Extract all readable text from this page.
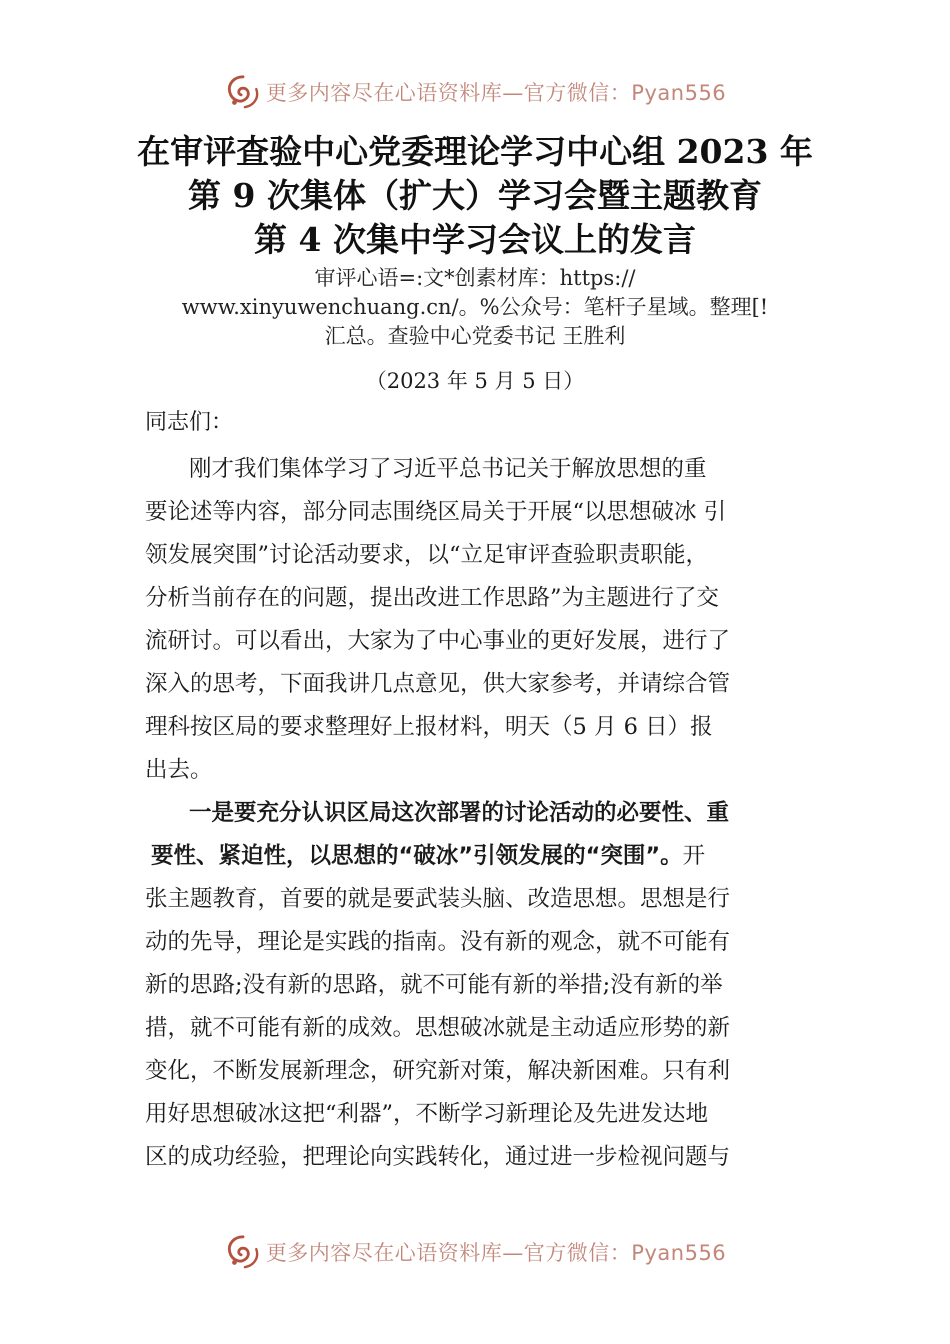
更多内容尽在心语资料库—官方微信：Pyan556
在审评查验中心党委理论学习中心组 2023 年
第 9 次集体（扩大）学习会暨主题教育
第 4 次集中学习会议上的发言
审评心语=:文*创素材库：https://
www.xinyuwenchuang.cn/。%公众号：笔杆子星域。整理[!
汇总。查验中心党委书记 王胜利
（2023 年 5 月 5 日）
同志们：
刚才我们集体学习了习近平总书记关于解放思想的重
要论述等内容，部分同志围绕区局关于开展“以思想破冰 引
领发展突围”讨论活动要求，以“立足审评查验职责职能，
分析当前存在的问题，提出改进工作思路”为主题进行了交
流研讨。可以看出，大家为了中心事业的更好发展，进行了
深入的思考，下面我讲几点意见，供大家参考，并请综合管
理科按区局的要求整理好上报材料，明天（5 月 6 日）报
出去。
一是要充分认识区局这次部署的讨论活动的必要性、重
要性、紧迫性，以思想的“破冰”引领发展的“突围”。开
张主题教育，首要的就是要武装头脑、改造思想。思想是行
动的先导，理论是实践的指南。没有新的观念，就不可能有
新的思路;没有新的思路，就不可能有新的举措;没有新的举
措，就不可能有新的成效。思想破冰就是主动适应形势的新
变化，不断发展新理念，研究新对策，解决新困难。只有利
用好思想破冰这把“利器”，不断学习新理论及先进发达地
区的成功经验，把理论向实践转化，通过进一步检视问题与
更多内容尽在心语资料库—官方微信：Pyan556
